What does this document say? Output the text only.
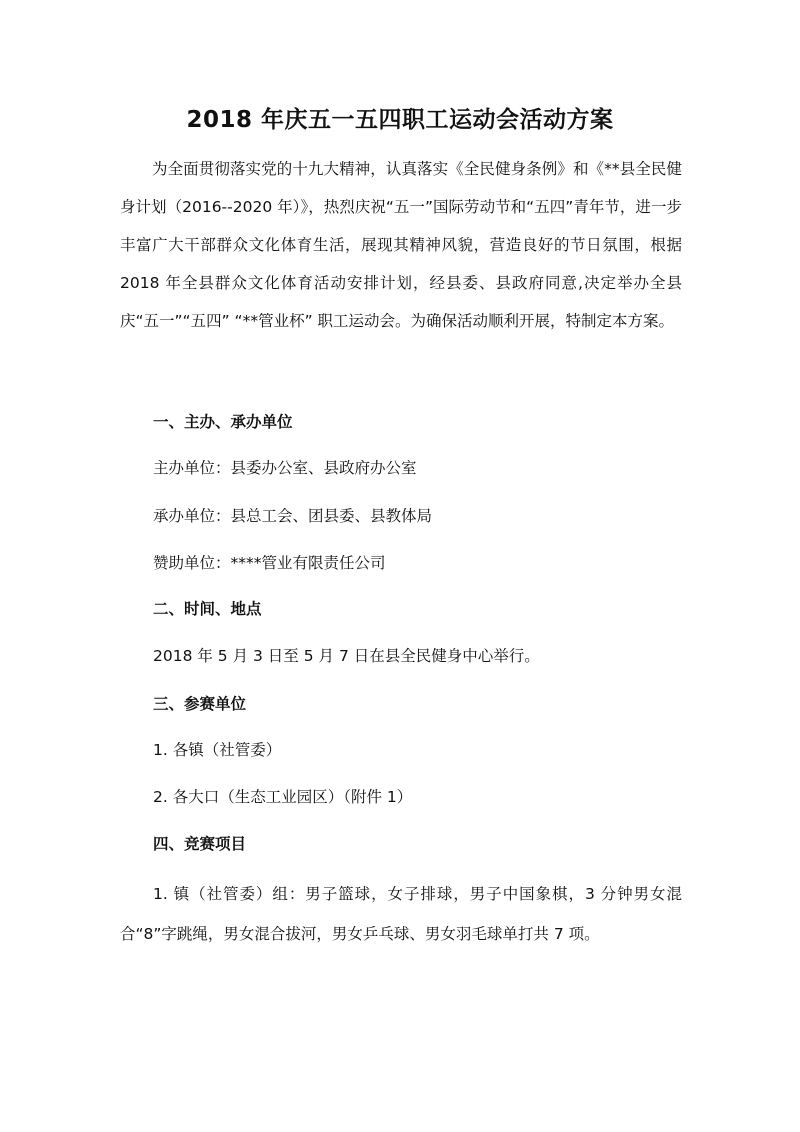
2018 年庆五一五四职工运动会活动方案

为全面贯彻落实党的十九大精神，认真落实《全民健身条例》和《**县全民健身计划（2016--2020 年）》，热烈庆祝“五一”国际劳动节和“五四”青年节，进一步丰富广大干部群众文化体育生活，展现其精神风貌，营造良好的节日氛围，根据 2018 年全县群众文化体育活动安排计划，经县委、县政府同意,决定举办全县庆“五一”“五四” “**管业杯” 职工运动会。为确保活动顺利开展，特制定本方案。

一、主办、承办单位

主办单位：县委办公室、县政府办公室

承办单位：县总工会、团县委、县教体局

赞助单位：****管业有限责任公司

二、时间、地点

2018 年 5 月 3 日至 5 月 7 日在县全民健身中心举行。

三、参赛单位

1. 各镇（社管委）

2. 各大口（生态工业园区）（附件 1）

四、竞赛项目

1. 镇（社管委）组：男子篮球，女子排球，男子中国象棋，3 分钟男女混合“8”字跳绳，男女混合拔河，男女乒乓球、男女羽毛球单打共 7 项。
